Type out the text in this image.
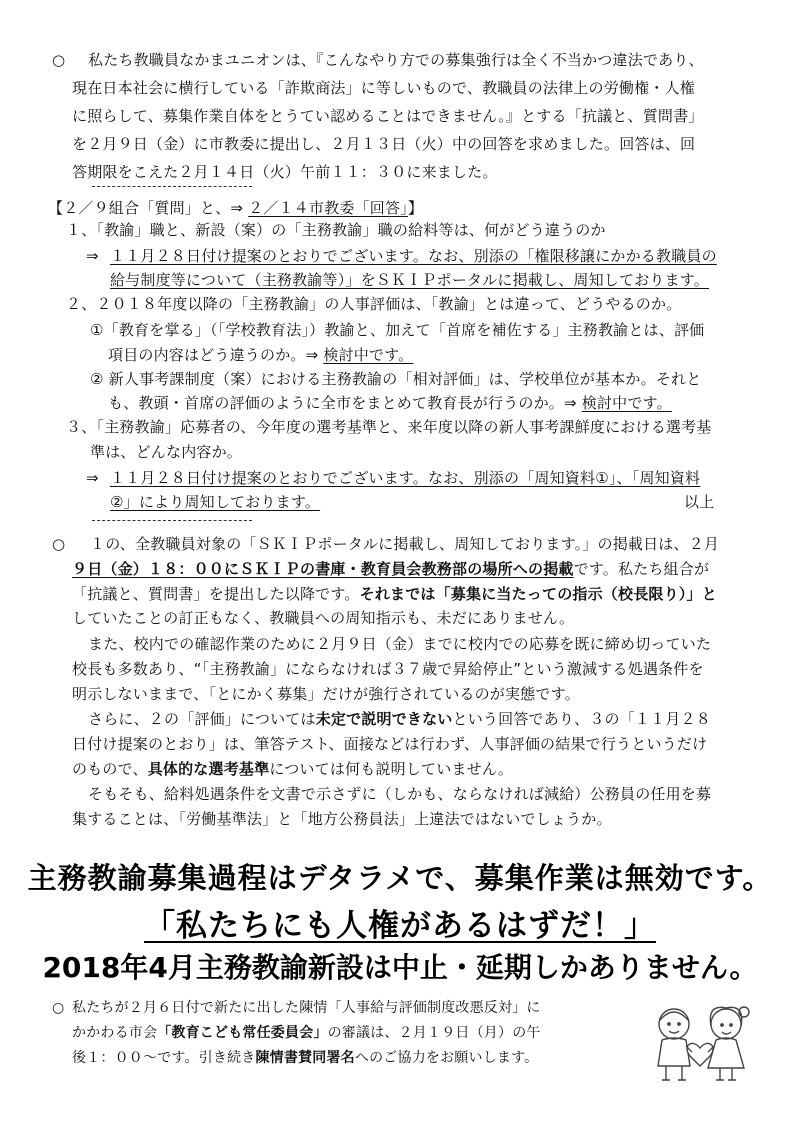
○ 私たち教職員なかまユニオンは、『こんなやり方での募集強行は全く不当かつ違法であり、
現在日本社会に横行している「詐欺商法」に等しいもので、教職員の法律上の労働権・人権
に照らして、募集作業自体をとうてい認めることはできません。』とする「抗議と、質問書」
を２月９日（金）に市教委に提出し、２月１３日（火）中の回答を求めました。回答は、回
答期限をこえた２月１４日（火）午前１１：３０に来ました。
【２／９組合「質問」と、⇒ ２／１４市教委「回答」】
１、「教諭」職と、新設（案）の「主務教諭」職の給料等は、何がどう違うのか
⇒ １１月２８日付け提案のとおりでございます。なお、別添の「権限移譲にかかる教職員の
給与制度等について（主務教諭等）」をＳＫＩＰポータルに掲載し、周知しております。
２、２０１８年度以降の「主務教諭」の人事評価は、「教諭」とは違って、どうやるのか。
①「教育を掌る」（「学校教育法」）教諭と、加えて「首席を補佐する」主務教諭とは、評価
項目の内容はどう違うのか。⇒ 検討中です。
② 新人事考課制度（案）における主務教諭の「相対評価」は、学校単位が基本か。それと
も、教頭・首席の評価のように全市をまとめて教育長が行うのか。⇒ 検討中です。
３、「主務教諭」応募者の、今年度の選考基準と、来年度以降の新人事考課鮮度における選考基
準は、どんな内容か。
⇒ １１月２８日付け提案のとおりでございます。なお、別添の「周知資料①」、「周知資料
②」により周知しております。	以上
○ １の、全教職員対象の「ＳＫＩＰポータルに掲載し、周知しております。」の掲載日は、２月
９日（金）１８：００にＳＫＩＰの書庫・教育員会教務部の場所への掲載です。私たち組合が
「抗議と、質問書」を提出した以降です。それまでは「募集に当たっての指示（校長限り）」と
していたことの訂正もなく、教職員への周知指示も、未だにありません。
また、校内での確認作業のために２月９日（金）までに校内での応募を既に締め切っていた
校長も多数あり、“「主務教諭」にならなければ３７歳で昇給停止”という激減する処遇条件を
明示しないままで、「とにかく募集」だけが強行されているのが実態です。
さらに、２の「評価」については未定で説明できないという回答であり、３の「１１月２８
日付け提案のとおり」は、筆答テスト、面接などは行わず、人事評価の結果で行うというだけ
のもので、具体的な選考基準については何も説明していません。
そもそも、給料処遇条件を文書で示さずに（しかも、ならなければ減給）公務員の任用を募
集することは、「労働基準法」と「地方公務員法」上違法ではないでしょうか。
主務教諭募集過程はデタラメで、募集作業は無効です。
「私たちにも人権があるはずだ！」
2018年4月主務教諭新設は中止・延期しかありません。
○ 私たちが２月６日付で新たに出した陳情「人事給与評価制度改悪反対」に
かかわる市会「教育こども常任委員会」の審議は、２月１９日（月）の午
後１：００〜です。引き続き陳情書賛同署名へのご協力をお願いします。
